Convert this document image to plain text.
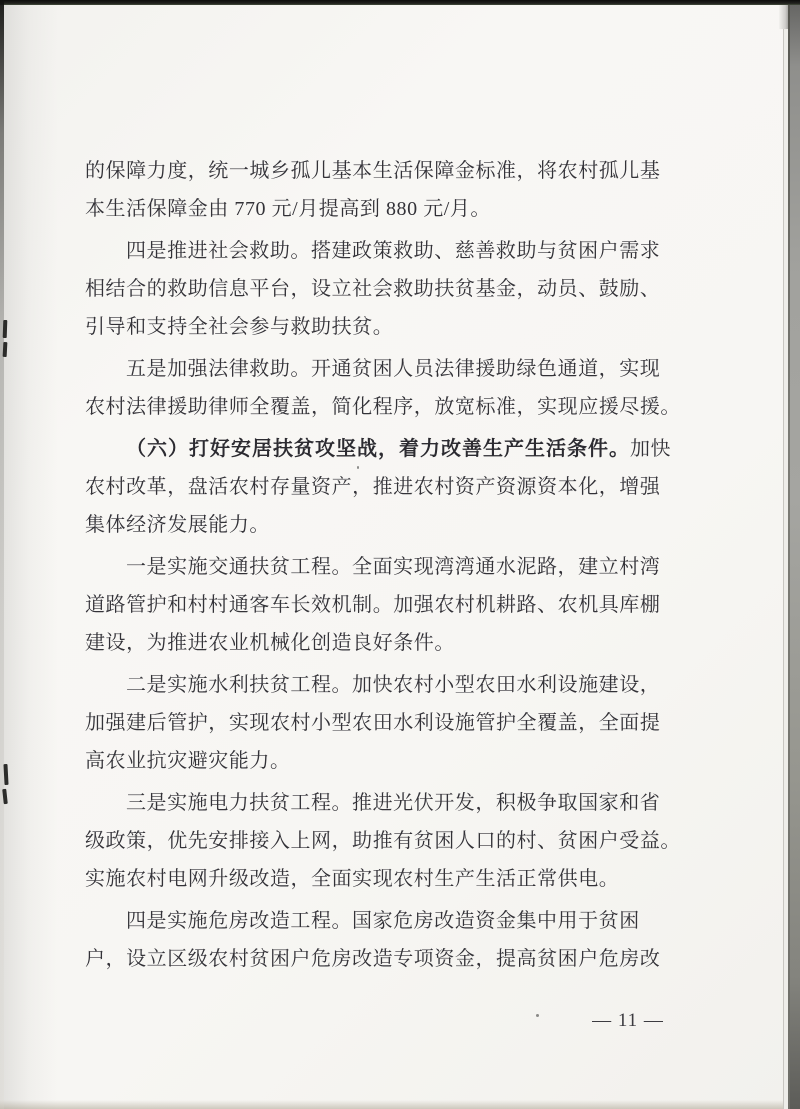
的保障力度，统一城乡孤儿基本生活保障金标准，将农村孤儿基
本生活保障金由 770 元/月提高到 880 元/月。
四是推进社会救助。搭建政策救助、慈善救助与贫困户需求
相结合的救助信息平台，设立社会救助扶贫基金，动员、鼓励、
引导和支持全社会参与救助扶贫。
五是加强法律救助。开通贫困人员法律援助绿色通道，实现
农村法律援助律师全覆盖，简化程序，放宽标准，实现应援尽援。
（六）打好安居扶贫攻坚战，着力改善生产生活条件。加快
农村改革，盘活农村存量资产，推进农村资产资源资本化，增强
集体经济发展能力。
一是实施交通扶贫工程。全面实现湾湾通水泥路，建立村湾
道路管护和村村通客车长效机制。加强农村机耕路、农机具库棚
建设，为推进农业机械化创造良好条件。
二是实施水利扶贫工程。加快农村小型农田水利设施建设，
加强建后管护，实现农村小型农田水利设施管护全覆盖，全面提
高农业抗灾避灾能力。
三是实施电力扶贫工程。推进光伏开发，积极争取国家和省
级政策，优先安排接入上网，助推有贫困人口的村、贫困户受益。
实施农村电网升级改造，全面实现农村生产生活正常供电。
四是实施危房改造工程。国家危房改造资金集中用于贫困
户，设立区级农村贫困户危房改造专项资金，提高贫困户危房改
— 11 —
